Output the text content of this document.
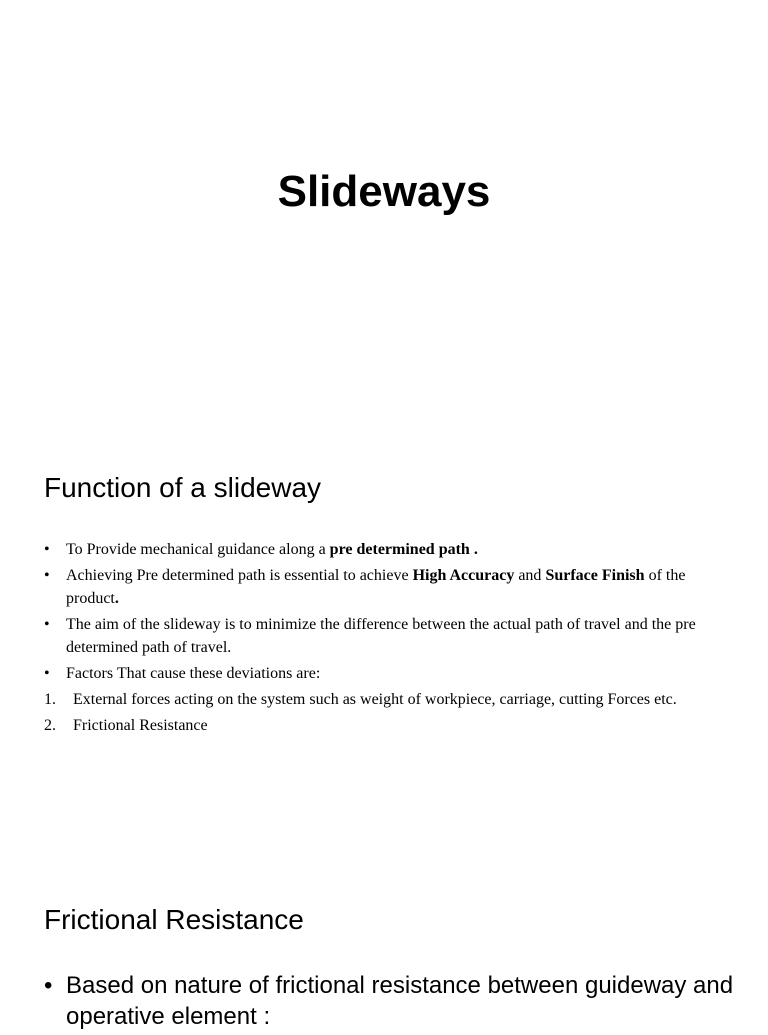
Slideways
Function of a slideway
• To Provide mechanical guidance along a pre determined path .
• Achieving Pre determined path is essential to achieve High Accuracy and Surface Finish of the product.
• The aim of the slideway is to minimize the difference between the actual path of travel and the pre determined path of travel.
• Factors That cause these deviations are:
1. External forces acting on the system such as weight of workpiece, carriage, cutting Forces etc.
2. Frictional Resistance
Frictional Resistance
• Based on nature of frictional resistance between guideway and operative element :
